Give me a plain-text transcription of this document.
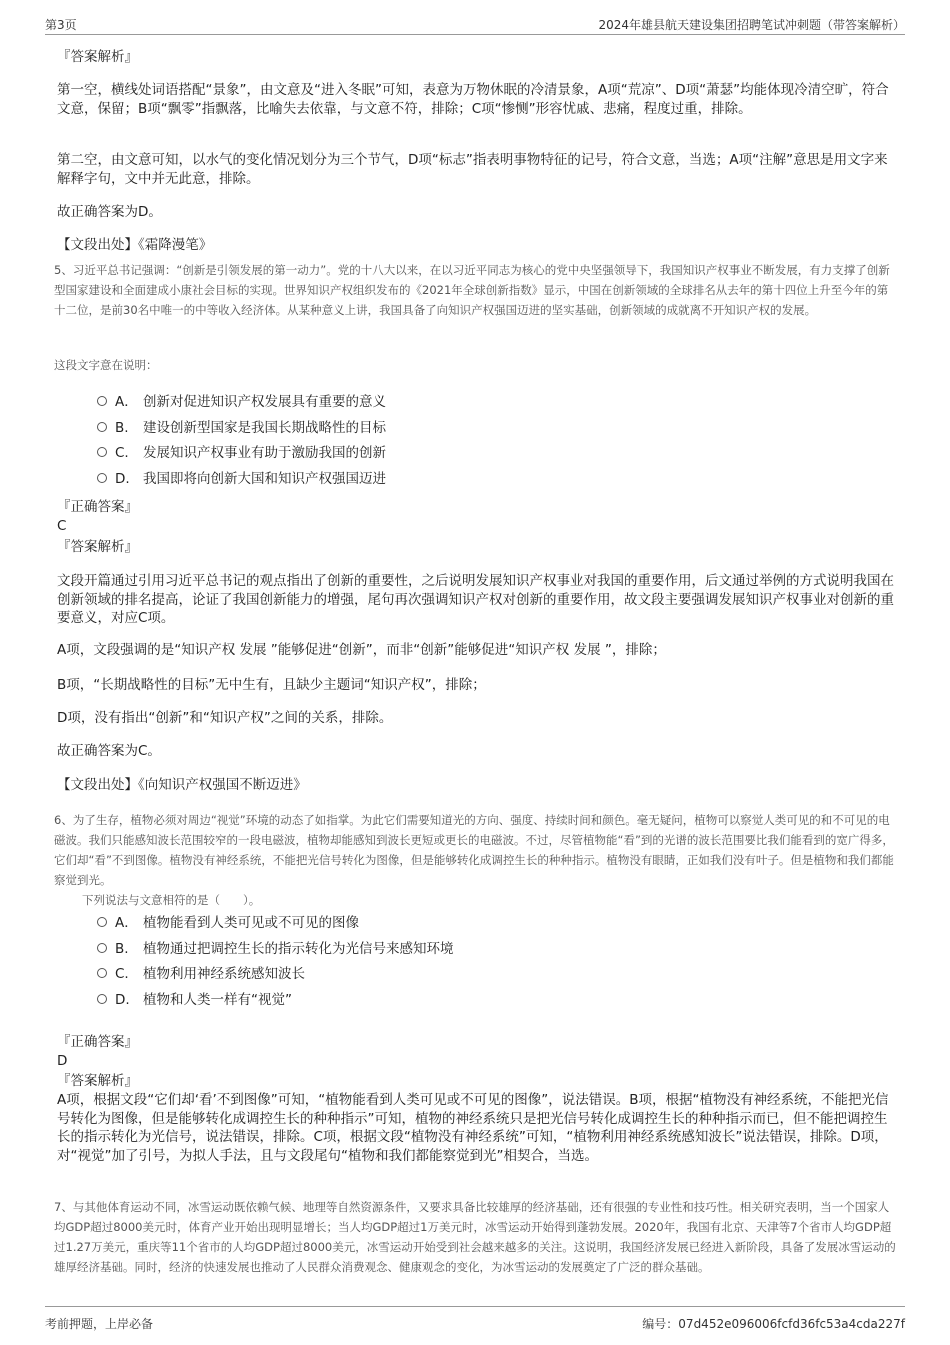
第3页	2024年雄县航天建设集团招聘笔试冲刺题（带答案解析）
『答案解析』
第一空，横线处词语搭配“景象”，由文意及“进入冬眠”可知，表意为万物休眠的冷清景象，A项“荒凉”、D项“萧瑟”均能体现冷清空旷，符合文意，保留；B项“飘零”指飘落，比喻失去依靠，与文意不符，排除；C项“惨恻”形容忧戚、悲痛，程度过重，排除。
第二空，由文意可知，以水气的变化情况划分为三个节气，D项“标志”指表明事物特征的记号，符合文意，当选；A项“注解”意思是用文字来解释字句，文中并无此意，排除。
故正确答案为D。
【文段出处】《霜降漫笔》
5、习近平总书记强调：“创新是引领发展的第一动力”。党的十八大以来，在以习近平同志为核心的党中央坚强领导下，我国知识产权事业不断发展，有力支撑了创新型国家建设和全面建成小康社会目标的实现。世界知识产权组织发布的《2021年全球创新指数》显示，中国在创新领域的全球排名从去年的第十四位上升至今年的第十二位，是前30名中唯一的中等收入经济体。从某种意义上讲，我国具备了向知识产权强国迈进的坚实基础，创新领域的成就离不开知识产权的发展。
这段文字意在说明：
A． 创新对促进知识产权发展具有重要的意义
B. 建设创新型国家是我国长期战略性的目标
C. 发展知识产权事业有助于激励我国的创新
D. 我国即将向创新大国和知识产权强国迈进
『正确答案』
C
『答案解析』
文段开篇通过引用习近平总书记的观点指出了创新的重要性，之后说明发展知识产权事业对我国的重要作用，后文通过举例的方式说明我国在创新领域的排名提高，论证了我国创新能力的增强，尾句再次强调知识产权对创新的重要作用，故文段主要强调发展知识产权事业对创新的重要意义，对应C项。
A项，文段强调的是“知识产权 发展 ”能够促进“创新”，而非“创新”能够促进“知识产权 发展 ”，排除；
B项，“长期战略性的目标”无中生有，且缺少主题词“知识产权”，排除；
D项，没有指出“创新”和“知识产权”之间的关系，排除。
故正确答案为C。
【文段出处】《向知识产权强国不断迈进》
6、为了生存，植物必须对周边“视觉”环境的动态了如指掌。为此它们需要知道光的方向、强度、持续时间和颜色。毫无疑问，植物可以察觉人类可见的和不可见的电磁波。我们只能感知波长范围较窄的一段电磁波，植物却能感知到波长更短或更长的电磁波。不过，尽管植物能“看”到的光谱的波长范围要比我们能看到的宽广得多，它们却“看”不到图像。植物没有神经系统，不能把光信号转化为图像，但是能够转化成调控生长的种种指示。植物没有眼睛，正如我们没有叶子。但是植物和我们都能察觉到光。
下列说法与文意相符的是（　　）。
A． 植物能看到人类可见或不可见的图像
B. 植物通过把调控生长的指示转化为光信号来感知环境
C. 植物利用神经系统感知波长
D. 植物和人类一样有“视觉”
『正确答案』
D
『答案解析』
A项，根据文段“它们却‘看’不到图像”可知，“植物能看到人类可见或不可见的图像”，说法错误。B项，根据“植物没有神经系统，不能把光信号转化为图像，但是能够转化成调控生长的种种指示”可知，植物的神经系统只是把光信号转化成调控生长的种种指示而已，但不能把调控生长的指示转化为光信号，说法错误，排除。C项，根据文段“植物没有神经系统”可知，“植物利用神经系统感知波长”说法错误，排除。D项，对“视觉”加了引号，为拟人手法，且与文段尾句“植物和我们都能察觉到光”相契合，当选。
7、与其他体育运动不同，冰雪运动既依赖气候、地理等自然资源条件，又要求具备比较雄厚的经济基础，还有很强的专业性和技巧性。相关研究表明，当一个国家人均GDP超过8000美元时，体育产业开始出现明显增长；当人均GDP超过1万美元时，冰雪运动开始得到蓬勃发展。2020年，我国有北京、天津等7个省市人均GDP超过1.27万美元，重庆等11个省市的人均GDP超过8000美元，冰雪运动开始受到社会越来越多的关注。这说明，我国经济发展已经进入新阶段，具备了发展冰雪运动的雄厚经济基础。同时，经济的快速发展也推动了人民群众消费观念、健康观念的变化，为冰雪运动的发展奠定了广泛的群众基础。
考前押题，上岸必备	编号：07d452e096006fcfd36fc53a4cda227f
